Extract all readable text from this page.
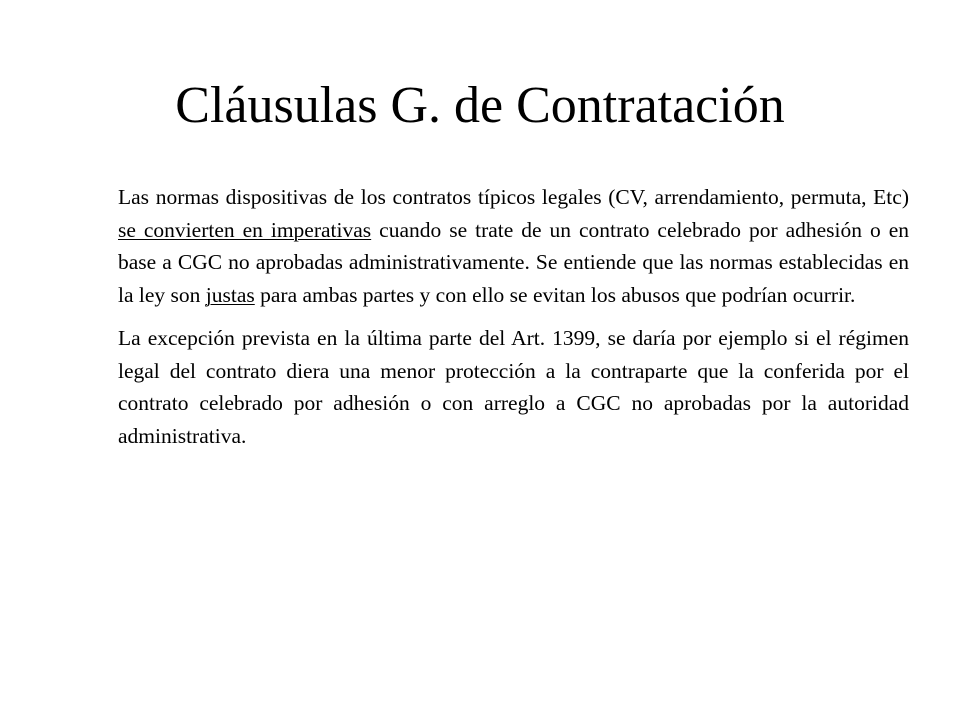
Cláusulas G. de Contratación

Las normas dispositivas de los contratos típicos legales (CV, arrendamiento, permuta, Etc) se convierten en imperativas cuando se trate de un contrato celebrado por adhesión o en base a CGC no aprobadas administrativamente. Se entiende que las normas establecidas en la ley son justas para ambas partes y con ello se evitan los abusos que podrían ocurrir.

La excepción prevista en la última parte del Art. 1399, se daría por ejemplo si el régimen legal del contrato diera una menor protección a la contraparte que la conferida por el contrato celebrado por adhesión o con arreglo a CGC no aprobadas por la autoridad administrativa.
